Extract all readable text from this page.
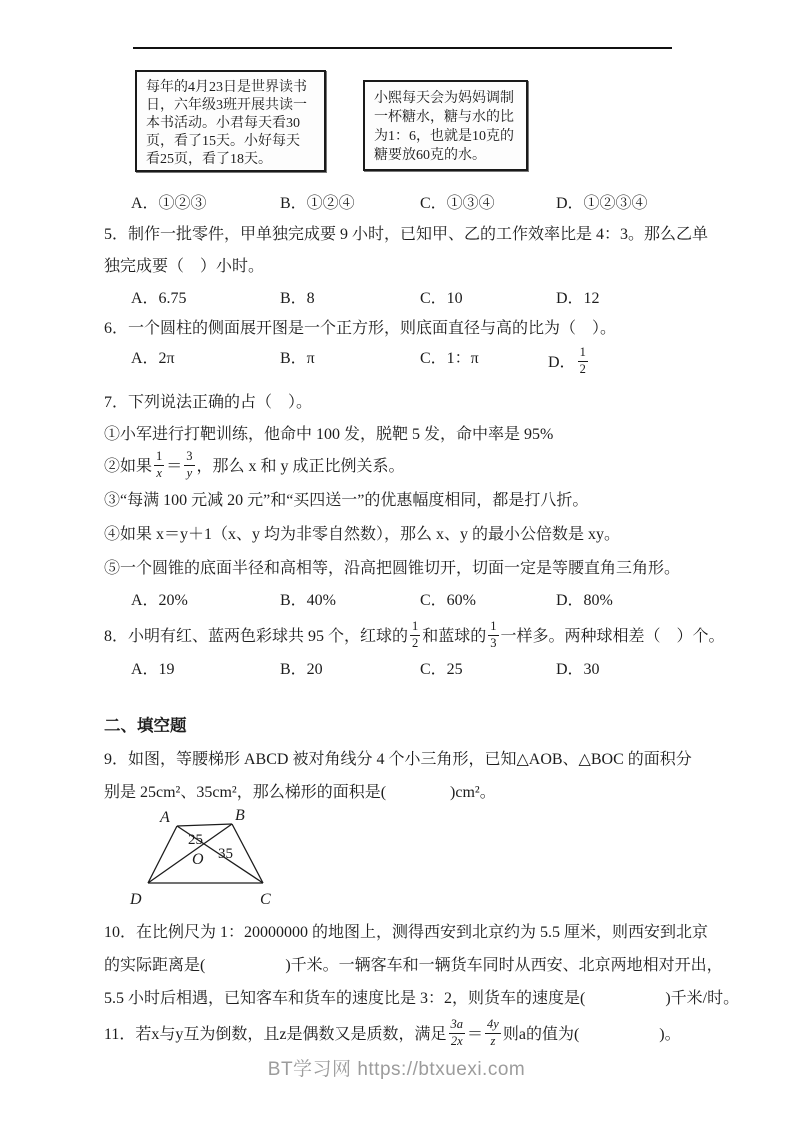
每年的4月23日是世界读书
日，六年级3班开展共读一
本书活动。小君每天看30
页，看了15天。小好每天
看25页，看了18天。
小熙每天会为妈妈调制
一杯糖水，糖与水的比
为1：6，也就是10克的
糖要放60克的水。
A．①②③	B．①②④	C．①③④	D．①②③④
5．制作一批零件，甲单独完成要 9 小时，已知甲、乙的工作效率比是 4：3。那么乙单
独完成要（　）小时。
A．6.75	B．8	C．10	D．12
6．一个圆柱的侧面展开图是一个正方形，则底面直径与高的比为（　）。
A．2π	B．π	C．1：π	D． $\frac{1}{2}$
7．下列说法正确的占（　）。
①小军进行打靶训练，他命中 100 发，脱靶 5 发，命中率是 95%
②如果 $\frac{1}{x} = \frac{3}{y}$ ，那么 x 和 y 成正比例关系。
③“每满 100 元减 20 元”和“买四送一”的优惠幅度相同，都是打八折。
④如果 x＝y＋1（x、y 均为非零自然数），那么 x、y 的最小公倍数是 xy。
⑤一个圆锥的底面半径和高相等，沿高把圆锥切开，切面一定是等腰直角三角形。
A．20%	B．40%	C．60%	D．80%
8．小明有红、蓝两色彩球共 95 个，红球的 $\frac{1}{2}$ 和蓝球的 $\frac{1}{3}$ 一样多。两种球相差（　）个。
A．19	B．20	C．25	D．30
二、填空题
9．如图，等腰梯形 ABCD 被对角线分 4 个小三角形，已知△AOB、△BOC 的面积分
别是 25cm²、35cm²，那么梯形的面积是(　　　　)cm²。
A	B
C
D
O
25
35
10．在比例尺为 1：20000000 的地图上，测得西安到北京约为 5.5 厘米，则西安到北京
的实际距离是(　　　　　)千米。一辆客车和一辆货车同时从西安、北京两地相对开出，
5.5 小时后相遇，已知客车和货车的速度比是 3：2，则货车的速度是(　　　　　)千米/时。
11．若x与y互为倒数，且z是偶数又是质数，满足 $\frac{3a}{2x} = \frac{4y}{z}$ 则a的值为(　　　　　)。
BT学习网 https://btxuexi.com
